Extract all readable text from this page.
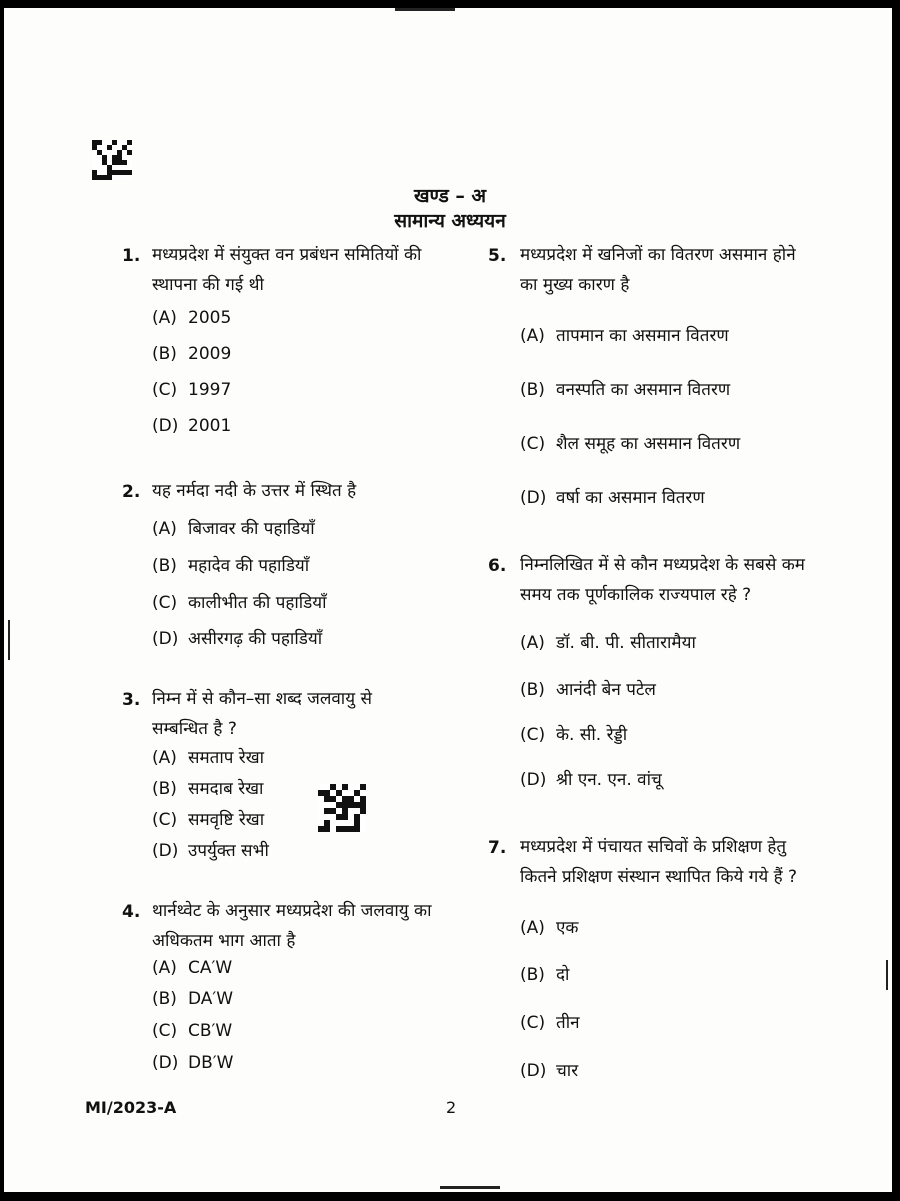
खण्ड – अ
सामान्य अध्ययन
1. मध्यप्रदेश में संयुक्त वन प्रबंधन समितियों की स्थापना की गई थी
(A) 2005
(B) 2009
(C) 1997
(D) 2001
2. यह नर्मदा नदी के उत्तर में स्थित है
(A) बिजावर की पहाडियाँ
(B) महादेव की पहाडियाँ
(C) कालीभीत की पहाडियाँ
(D) असीरगढ़ की पहाडियाँ
3. निम्न में से कौन–सा शब्द जलवायु से सम्बन्धित है ?
(A) समताप रेखा
(B) समदाब रेखा
(C) समवृष्टि रेखा
(D) उपर्युक्त सभी
4. थार्नथ्वेट के अनुसार मध्यप्रदेश की जलवायु का अधिकतम भाग आता है
(A) CA′W
(B) DA′W
(C) CB′W
(D) DB′W
5. मध्यप्रदेश में खनिजों का वितरण असमान होने का मुख्य कारण है
(A) तापमान का असमान वितरण
(B) वनस्पति का असमान वितरण
(C) शैल समूह का असमान वितरण
(D) वर्षा का असमान वितरण
6. निम्नलिखित में से कौन मध्यप्रदेश के सबसे कम समय तक पूर्णकालिक राज्यपाल रहे ?
(A) डॉ. बी. पी. सीतारामैया
(B) आनंदी बेन पटेल
(C) के. सी. रेड्डी
(D) श्री एन. एन. वांचू
7. मध्यप्रदेश में पंचायत सचिवों के प्रशिक्षण हेतु कितने प्रशिक्षण संस्थान स्थापित किये गये हैं ?
(A) एक
(B) दो
(C) तीन
(D) चार
MI/2023-A	2
